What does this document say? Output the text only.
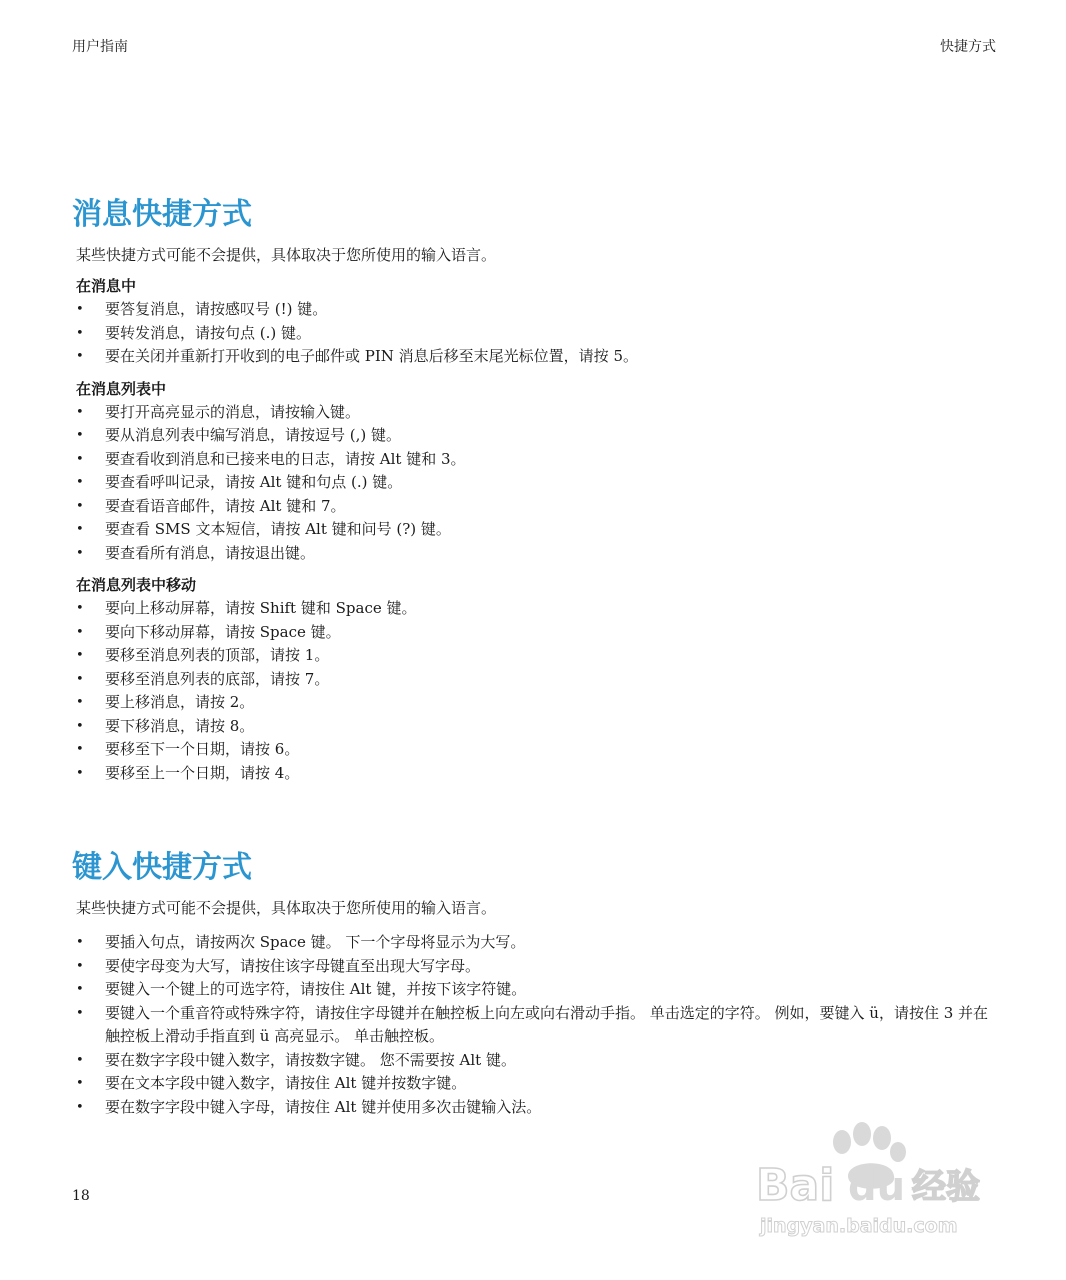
用户指南	快捷方式
消息快捷方式

某些快捷方式可能不会提供，具体取决于您所使用的输入语言。

在消息中
• 要答复消息，请按感叹号 (!) 键。
• 要转发消息，请按句点 (.) 键。
• 要在关闭并重新打开收到的电子邮件或 PIN 消息后移至末尾光标位置，请按 5。
在消息列表中
• 要打开高亮显示的消息，请按输入键。
• 要从消息列表中编写消息，请按逗号 (,) 键。
• 要查看收到消息和已接来电的日志，请按 Alt 键和 3。
• 要查看呼叫记录，请按 Alt 键和句点 (.) 键。
• 要查看语音邮件，请按 Alt 键和 7。
• 要查看 SMS 文本短信，请按 Alt 键和问号 (?) 键。
• 要查看所有消息，请按退出键。
在消息列表中移动
• 要向上移动屏幕，请按 Shift 键和 Space 键。
• 要向下移动屏幕，请按 Space 键。
• 要移至消息列表的顶部，请按 1。
• 要移至消息列表的底部，请按 7。
• 要上移消息，请按 2。
• 要下移消息，请按 8。
• 要移至下一个日期，请按 6。
• 要移至上一个日期，请按 4。
键入快捷方式

某些快捷方式可能不会提供，具体取决于您所使用的输入语言。

• 要插入句点，请按两次 Space 键。 下一个字母将显示为大写。
• 要使字母变为大写，请按住该字母键直至出现大写字母。
• 要键入一个键上的可选字符，请按住 Alt 键，并按下该字符键。
• 要键入一个重音符或特殊字符，请按住字母键并在触控板上向左或向右滑动手指。 单击选定的字符。 例如，要键入 ü，请按住 3 并在触控板上滑动手指直到 ü 高亮显示。 单击触控板。
• 要在数字字段中键入数字，请按数字键。 您不需要按 Alt 键。
• 要在文本字段中键入数字，请按住 Alt 键并按数字键。
• 要在数字字段中键入字母，请按住 Alt 键并使用多次击键输入法。
18	Bai du 经验
jingyan.baidu.com
